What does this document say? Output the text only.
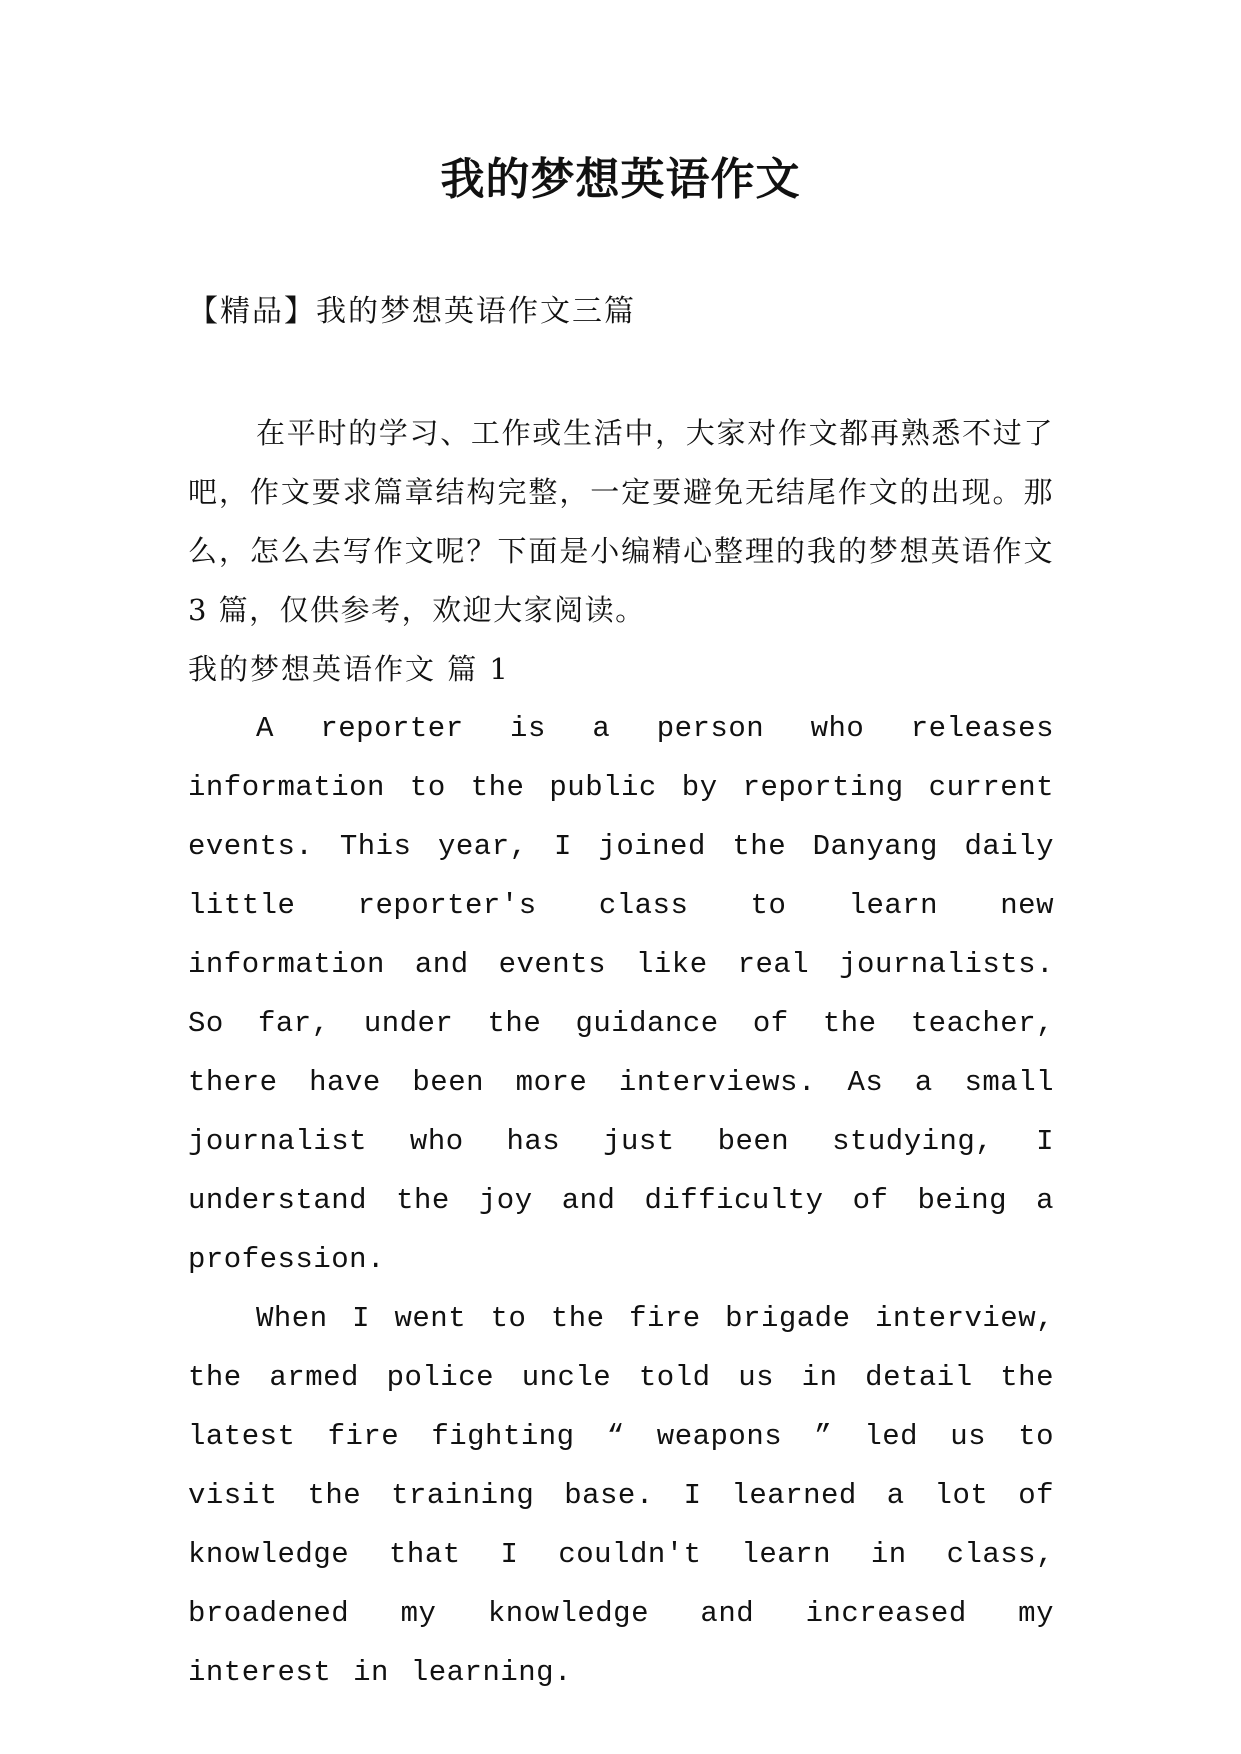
我的梦想英语作文

【精品】我的梦想英语作文三篇

在平时的学习、工作或生活中，大家对作文都再熟悉不过了吧，作文要求篇章结构完整，一定要避免无结尾作文的出现。那么，怎么去写作文呢？下面是小编精心整理的我的梦想英语作文 3 篇，仅供参考，欢迎大家阅读。

我的梦想英语作文 篇 1

A reporter is a person who releases information to the public by reporting current events. This year, I joined the Danyang daily little reporter's class to learn new information and events like real journalists. So far, under the guidance of the teacher, there have been more interviews. As a small journalist who has just been studying, I understand the joy and difficulty of being a profession.

When I went to the fire brigade interview, the armed police uncle told us in detail the latest fire fighting “ weapons ” led us to visit the training base. I learned a lot of knowledge that I couldn't learn in class, broadened my knowledge and increased my interest in learning.
